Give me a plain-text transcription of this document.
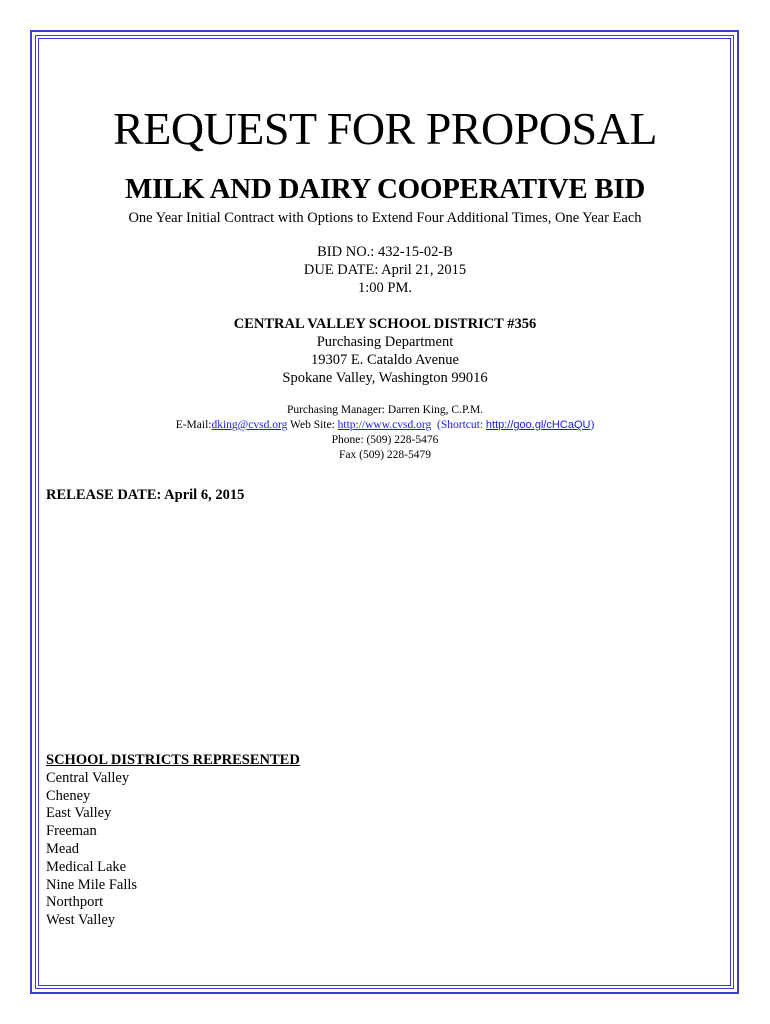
REQUEST FOR PROPOSAL
MILK AND DAIRY COOPERATIVE BID
One Year Initial Contract with Options to Extend Four Additional Times, One Year Each
BID NO.: 432-15-02-B
DUE DATE: April 21, 2015
1:00 PM.
CENTRAL VALLEY SCHOOL DISTRICT #356
Purchasing Department
19307 E. Cataldo Avenue
Spokane Valley, Washington 99016
Purchasing Manager: Darren King, C.P.M.
E-Mail:dking@cvsd.org Web Site: http://www.cvsd.org (Shortcut: http://goo.gl/cHCaQU)
Phone: (509) 228-5476
Fax (509) 228-5479
RELEASE DATE: April 6, 2015
SCHOOL DISTRICTS REPRESENTED
Central Valley
Cheney
East Valley
Freeman
Mead
Medical Lake
Nine Mile Falls
Northport
West Valley
